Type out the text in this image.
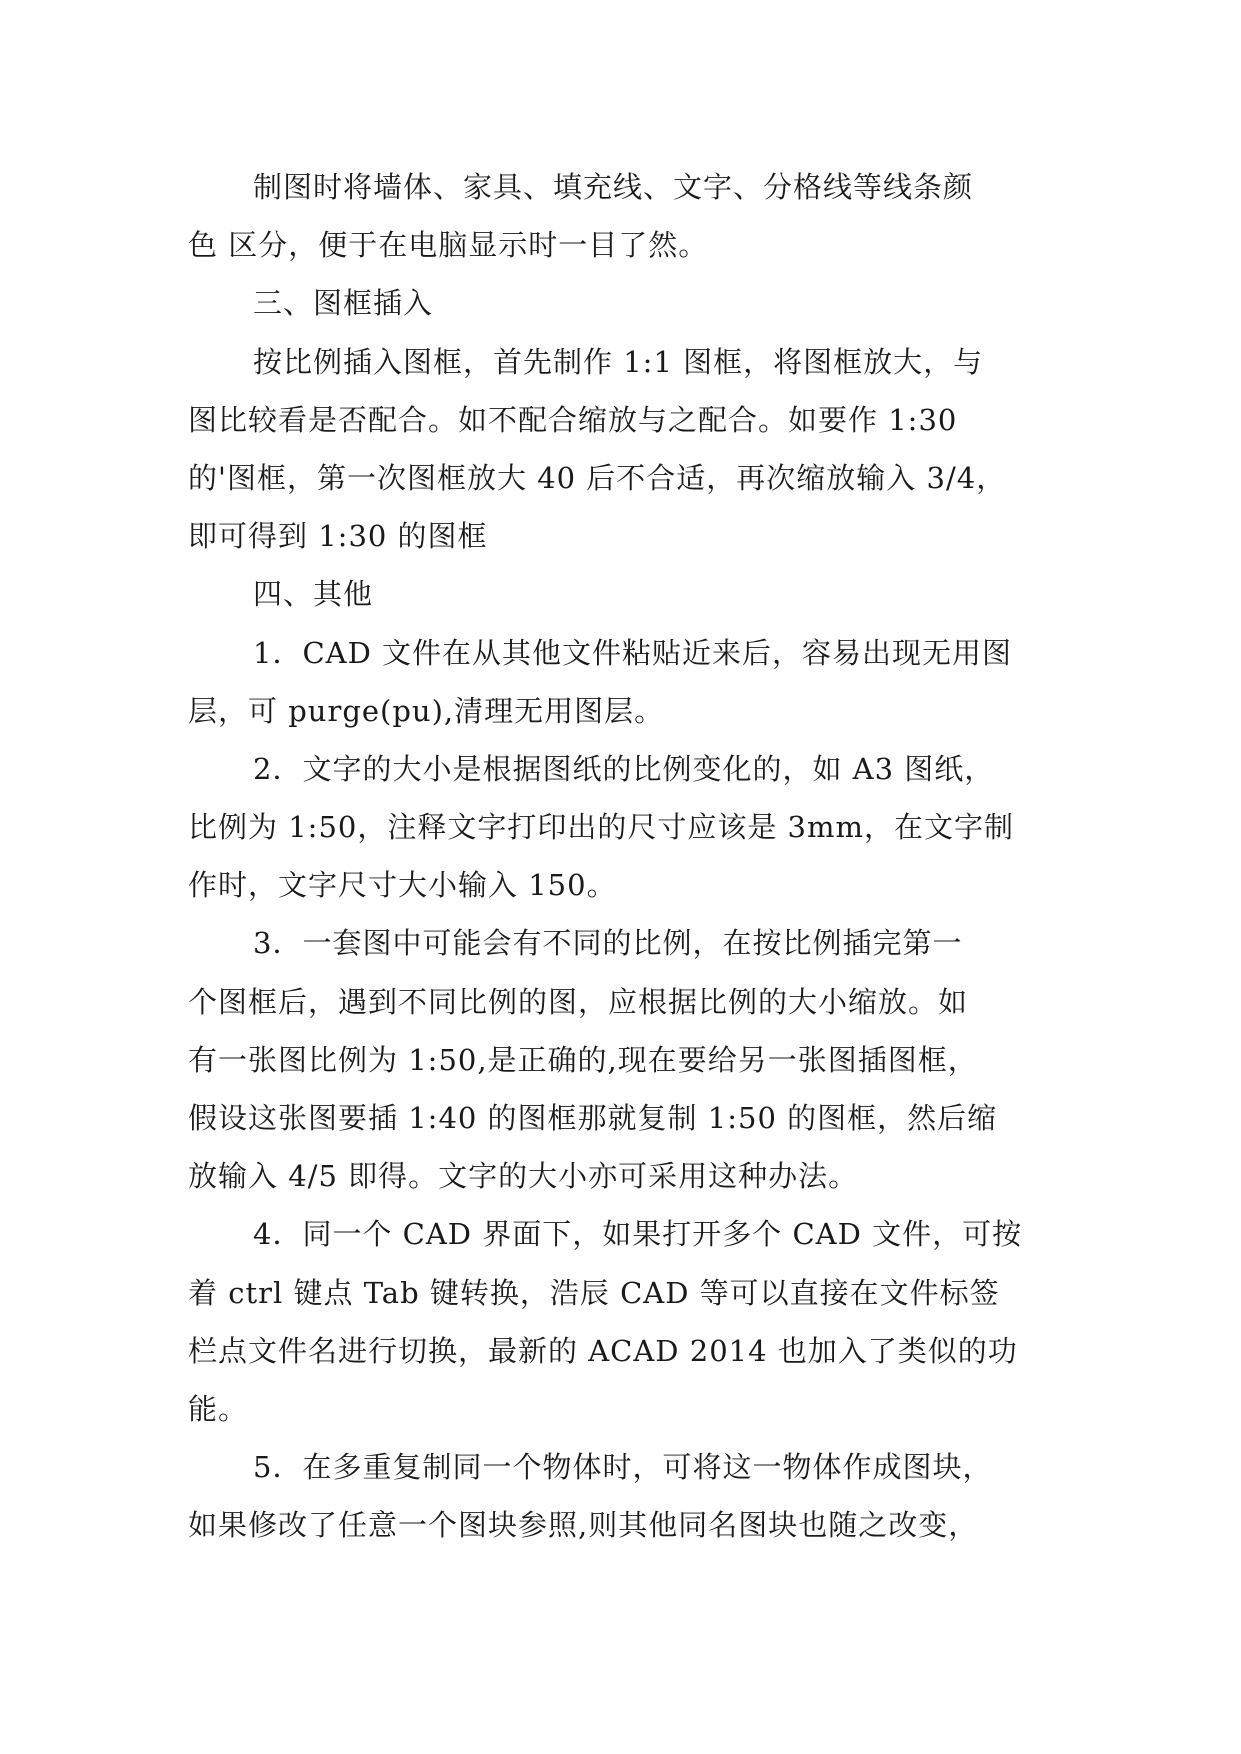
制图时将墙体、家具、填充线、文字、分格线等线条颜
色 区分，便于在电脑显示时一目了然。
三、图框插入
按比例插入图框，首先制作 1:1 图框，将图框放大，与
图比较看是否配合。如不配合缩放与之配合。如要作 1:30
的'图框，第一次图框放大 40 后不合适，再次缩放输入 3/4，
即可得到 1:30 的图框
四、其他
1．CAD 文件在从其他文件粘贴近来后，容易出现无用图
层，可 purge(pu),清理无用图层。
2．文字的大小是根据图纸的比例变化的，如 A3 图纸，
比例为 1:50，注释文字打印出的尺寸应该是 3mm，在文字制
作时，文字尺寸大小输入 150。
3．一套图中可能会有不同的比例，在按比例插完第一
个图框后，遇到不同比例的图，应根据比例的大小缩放。如
有一张图比例为 1:50,是正确的,现在要给另一张图插图框，
假设这张图要插 1:40 的图框那就复制 1:50 的图框，然后缩
放输入 4/5 即得。文字的大小亦可采用这种办法。
4．同一个 CAD 界面下，如果打开多个 CAD 文件，可按
着 ctrl 键点 Tab 键转换，浩辰 CAD 等可以直接在文件标签
栏点文件名进行切换，最新的 ACAD 2014 也加入了类似的功
能。
5．在多重复制同一个物体时，可将这一物体作成图块，
如果修改了任意一个图块参照,则其他同名图块也随之改变，
